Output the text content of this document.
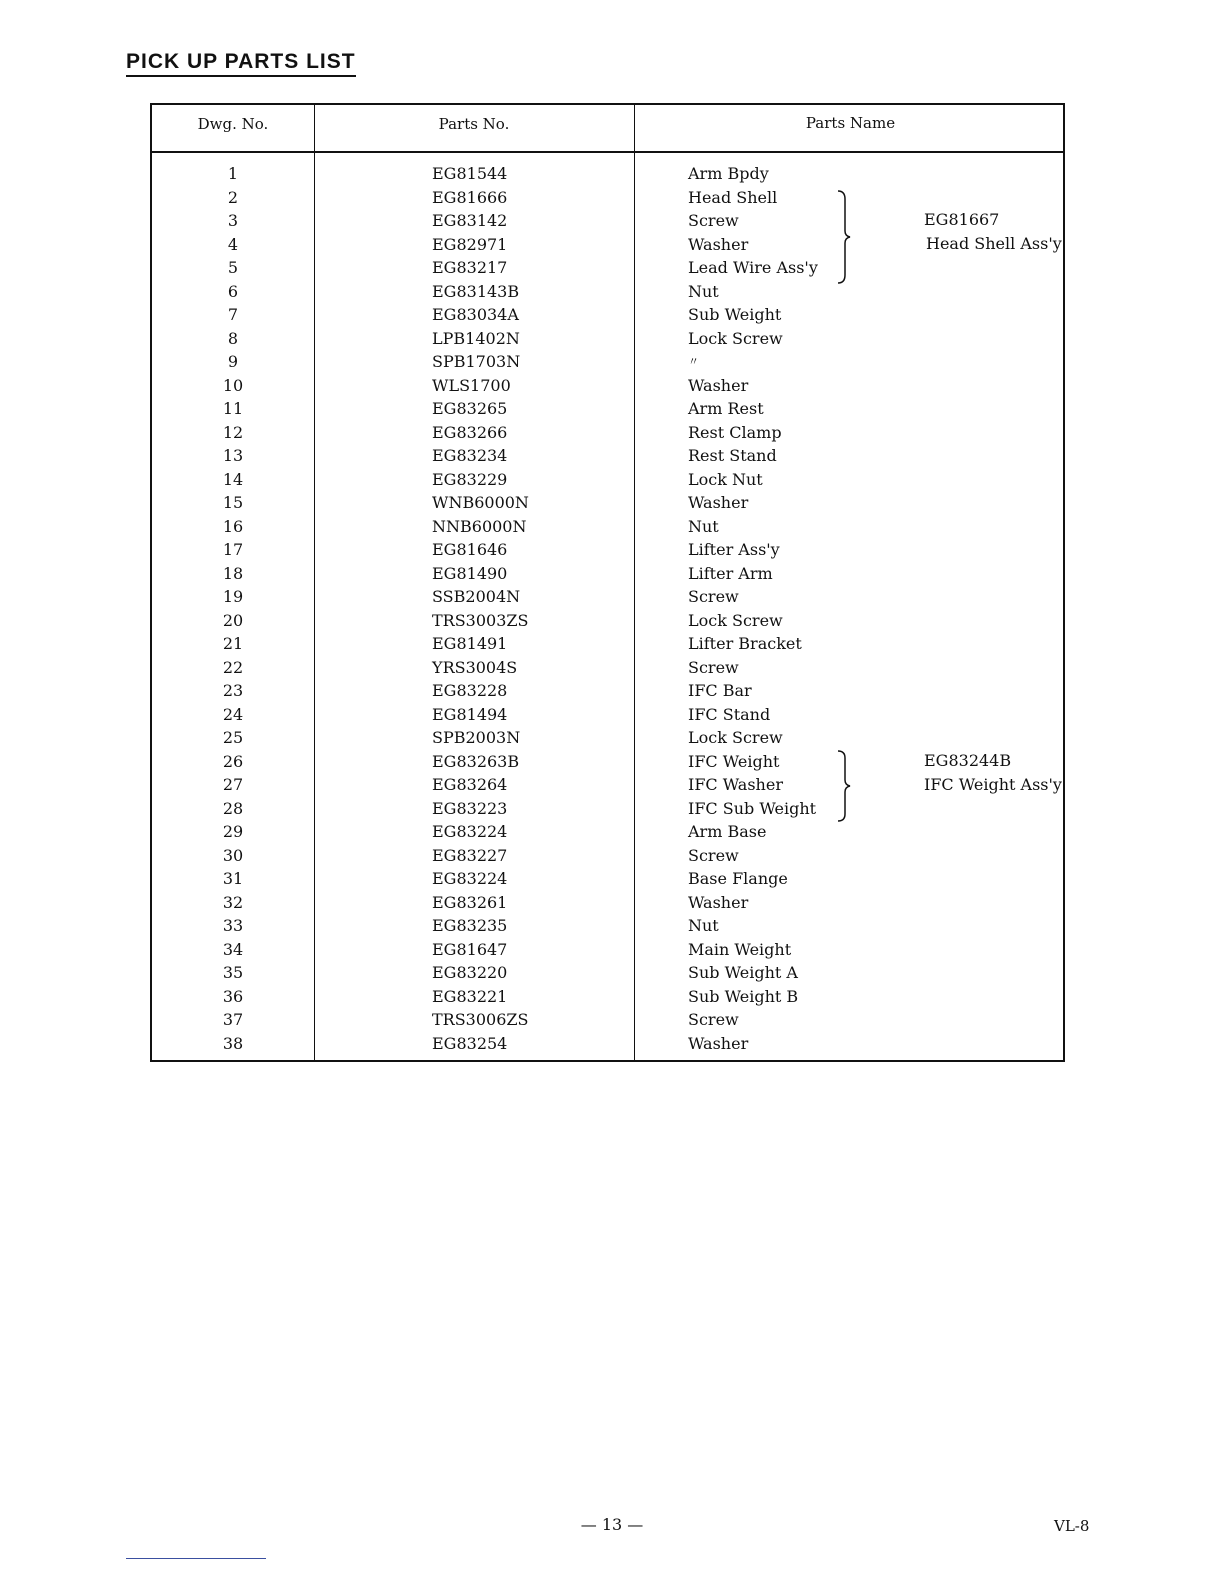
PICK UP PARTS LIST
Dwg. No.	Parts No.	Parts Name
1	EG81544	Arm Bpdy
2	EG81666	Head Shell
3	EG83142	Screw
4	EG82971	Washer
5	EG83217	Lead Wire Ass'y
6	EG83143B	Nut
7	EG83034A	Sub Weight
8	LPB1402N	Lock Screw
9	SPB1703N	〃
10	WLS1700	Washer
11	EG83265	Arm Rest
12	EG83266	Rest Clamp
13	EG83234	Rest Stand
14	EG83229	Lock Nut
15	WNB6000N	Washer
16	NNB6000N	Nut
17	EG81646	Lifter Ass'y
18	EG81490	Lifter Arm
19	SSB2004N	Screw
20	TRS3003ZS	Lock Screw
21	EG81491	Lifter Bracket
22	YRS3004S	Screw
23	EG83228	IFC Bar
24	EG81494	IFC Stand
25	SPB2003N	Lock Screw
26	EG83263B	IFC Weight
27	EG83264	IFC Washer
28	EG83223	IFC Sub Weight
29	EG83224	Arm Base
30	EG83227	Screw
31	EG83224	Base Flange
32	EG83261	Washer
33	EG83235	Nut
34	EG81647	Main Weight
35	EG83220	Sub Weight A
36	EG83221	Sub Weight B
37	TRS3006ZS	Screw
38	EG83254	Washer
EG81667
Head Shell Ass'y
EG83244B
IFC Weight Ass'y
— 13 —	VL-8
